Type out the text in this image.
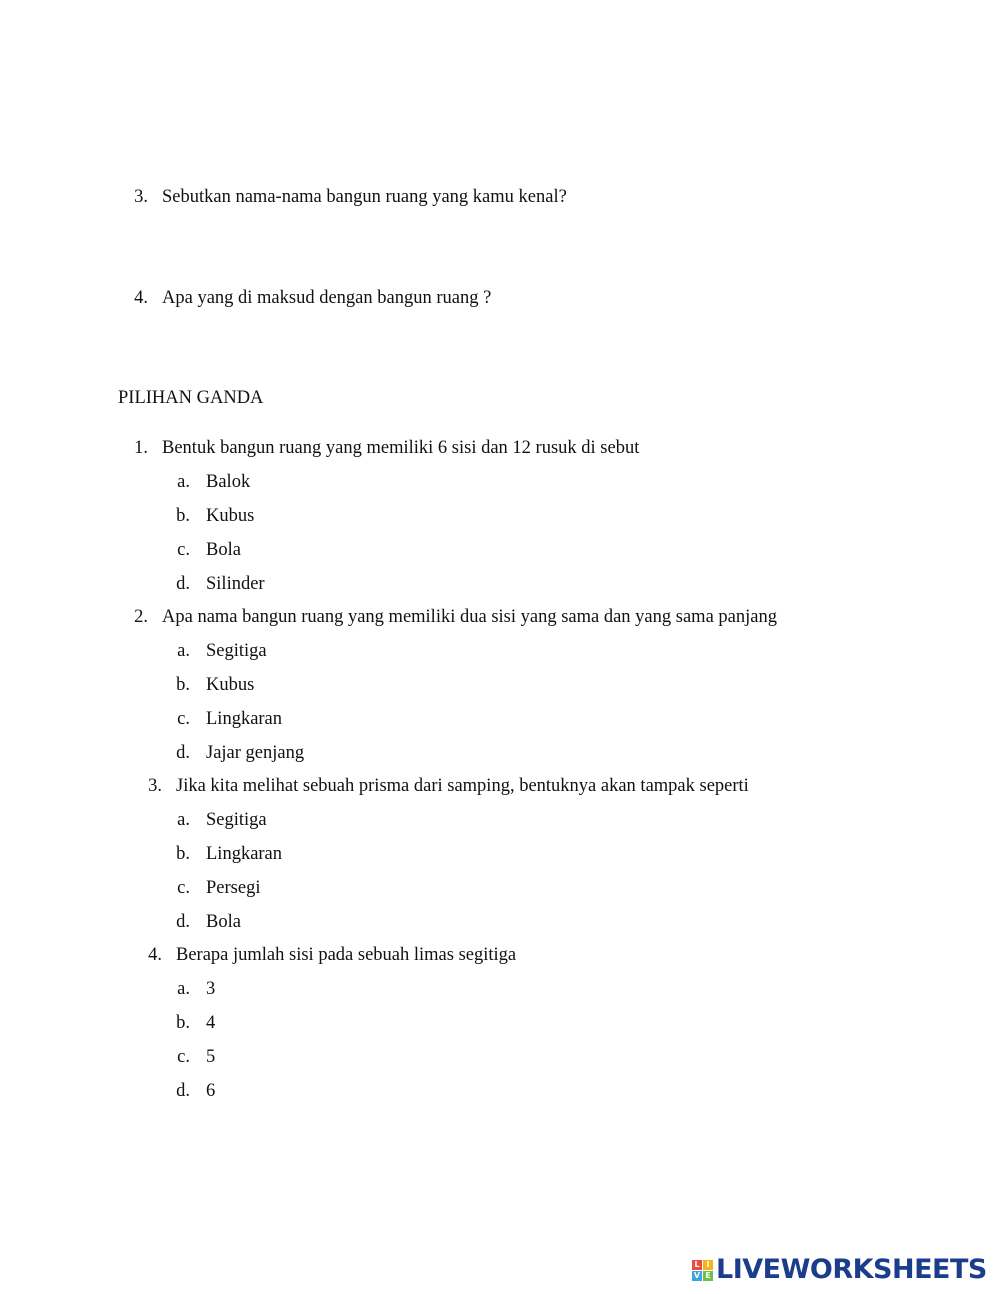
3. Sebutkan nama-nama bangun ruang yang kamu kenal?
4. Apa yang di maksud dengan bangun ruang ?
PILIHAN GANDA
1. Bentuk bangun ruang yang memiliki 6 sisi dan 12 rusuk di sebut
a. Balok
b. Kubus
c. Bola
d. Silinder
2. Apa nama bangun ruang yang memiliki dua sisi yang sama dan yang sama panjang
a. Segitiga
b. Kubus
c. Lingkaran
d. Jajar genjang
3. Jika kita melihat sebuah prisma dari samping, bentuknya akan tampak seperti
a. Segitiga
b. Lingkaran
c. Persegi
d. Bola
4. Berapa jumlah sisi pada sebuah limas segitiga
a. 3
b. 4
c. 5
d. 6
L I
V E LIVEWORKSHEETS
